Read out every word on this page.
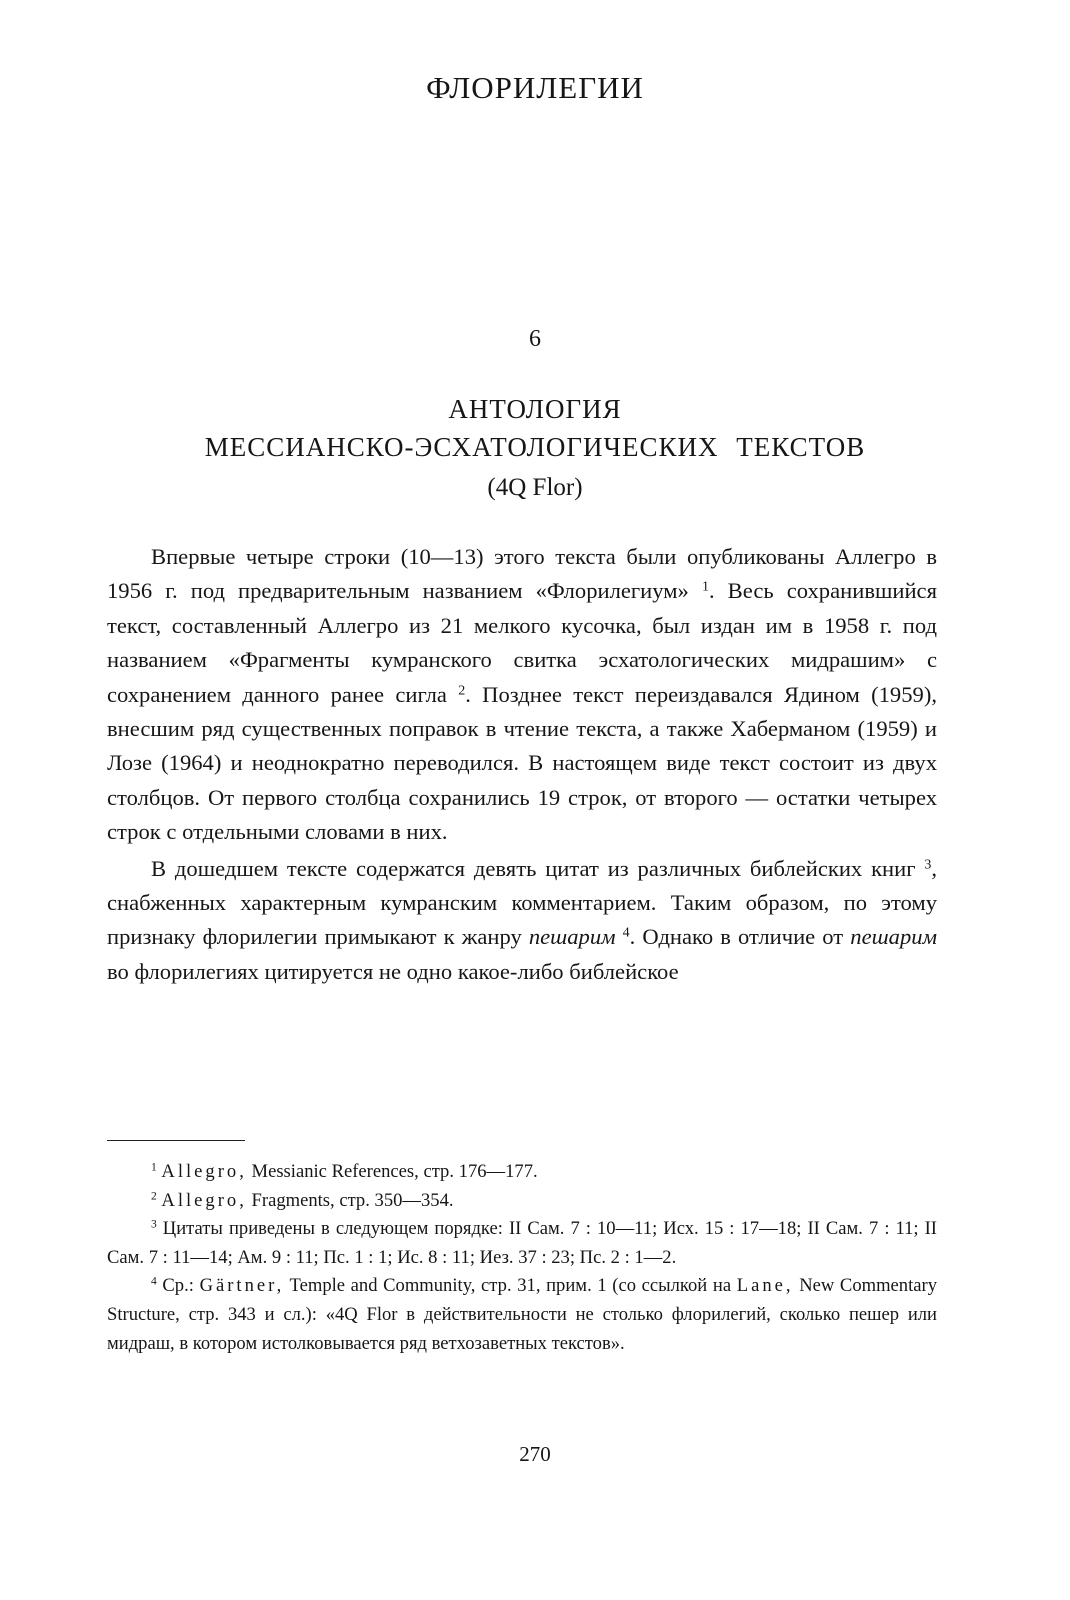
ФЛОРИЛЕГИИ
6
АНТОЛОГИЯ
МЕССИАНСКО-ЭСХАТОЛОГИЧЕСКИХ ТЕКСТОВ
(4Q Flor)

Впервые четыре строки (10—13) этого текста были опубликованы Аллегро в 1956 г. под предварительным названием «Флорилегиум» $^1$. Весь сохранившийся текст, составленный Аллегро из 21 мелкого кусочка, был издан им в 1958 г. под названием «Фрагменты кумранского свитка эсхатологических мидрашим» с сохранением данного ранее сигла $^2$. Позднее текст переиздавался Ядином (1959), внесшим ряд существенных поправок в чтение текста, а также Хаберманом (1959) и Лозе (1964) и неоднократно переводился. В настоящем виде текст состоит из двух столбцов. От первого столбца сохранились 19 строк, от второго — остатки четырех строк с отдельными словами в них.

В дошедшем тексте содержатся девять цитат из различных библейских книг $^3$, снабженных характерным кумранским комментарием. Таким образом, по этому признаку флорилегии примыкают к жанру пешарим $^4$. Однако в отличие от пешарим во флорилегиях цитируется не одно какое-либо библейское

$^1$ Allegro, Messianic References, стр. 176—177.

$^2$ Allegro, Fragments, стр. 350—354.

$^3$ Цитаты приведены в следующем порядке: II Сам. 7 : 10—11; Исх. 15 : 17—18; II Сам. 7 : 11; II Сам. 7 : 11—14; Ам. 9 : 11; Пс. 1 : 1; Ис. 8 : 11; Иез. 37 : 23; Пс. 2 : 1—2.

$^4$ Ср.: Gärtner, Temple and Community, стр. 31, прим. 1 (со ссылкой на Lane, New Commentary Structure, стр. 343 и сл.): «4Q Flor в действительности не столько флорилегий, сколько пешер или мидраш, в котором истолковывается ряд ветхозаветных текстов».

270
